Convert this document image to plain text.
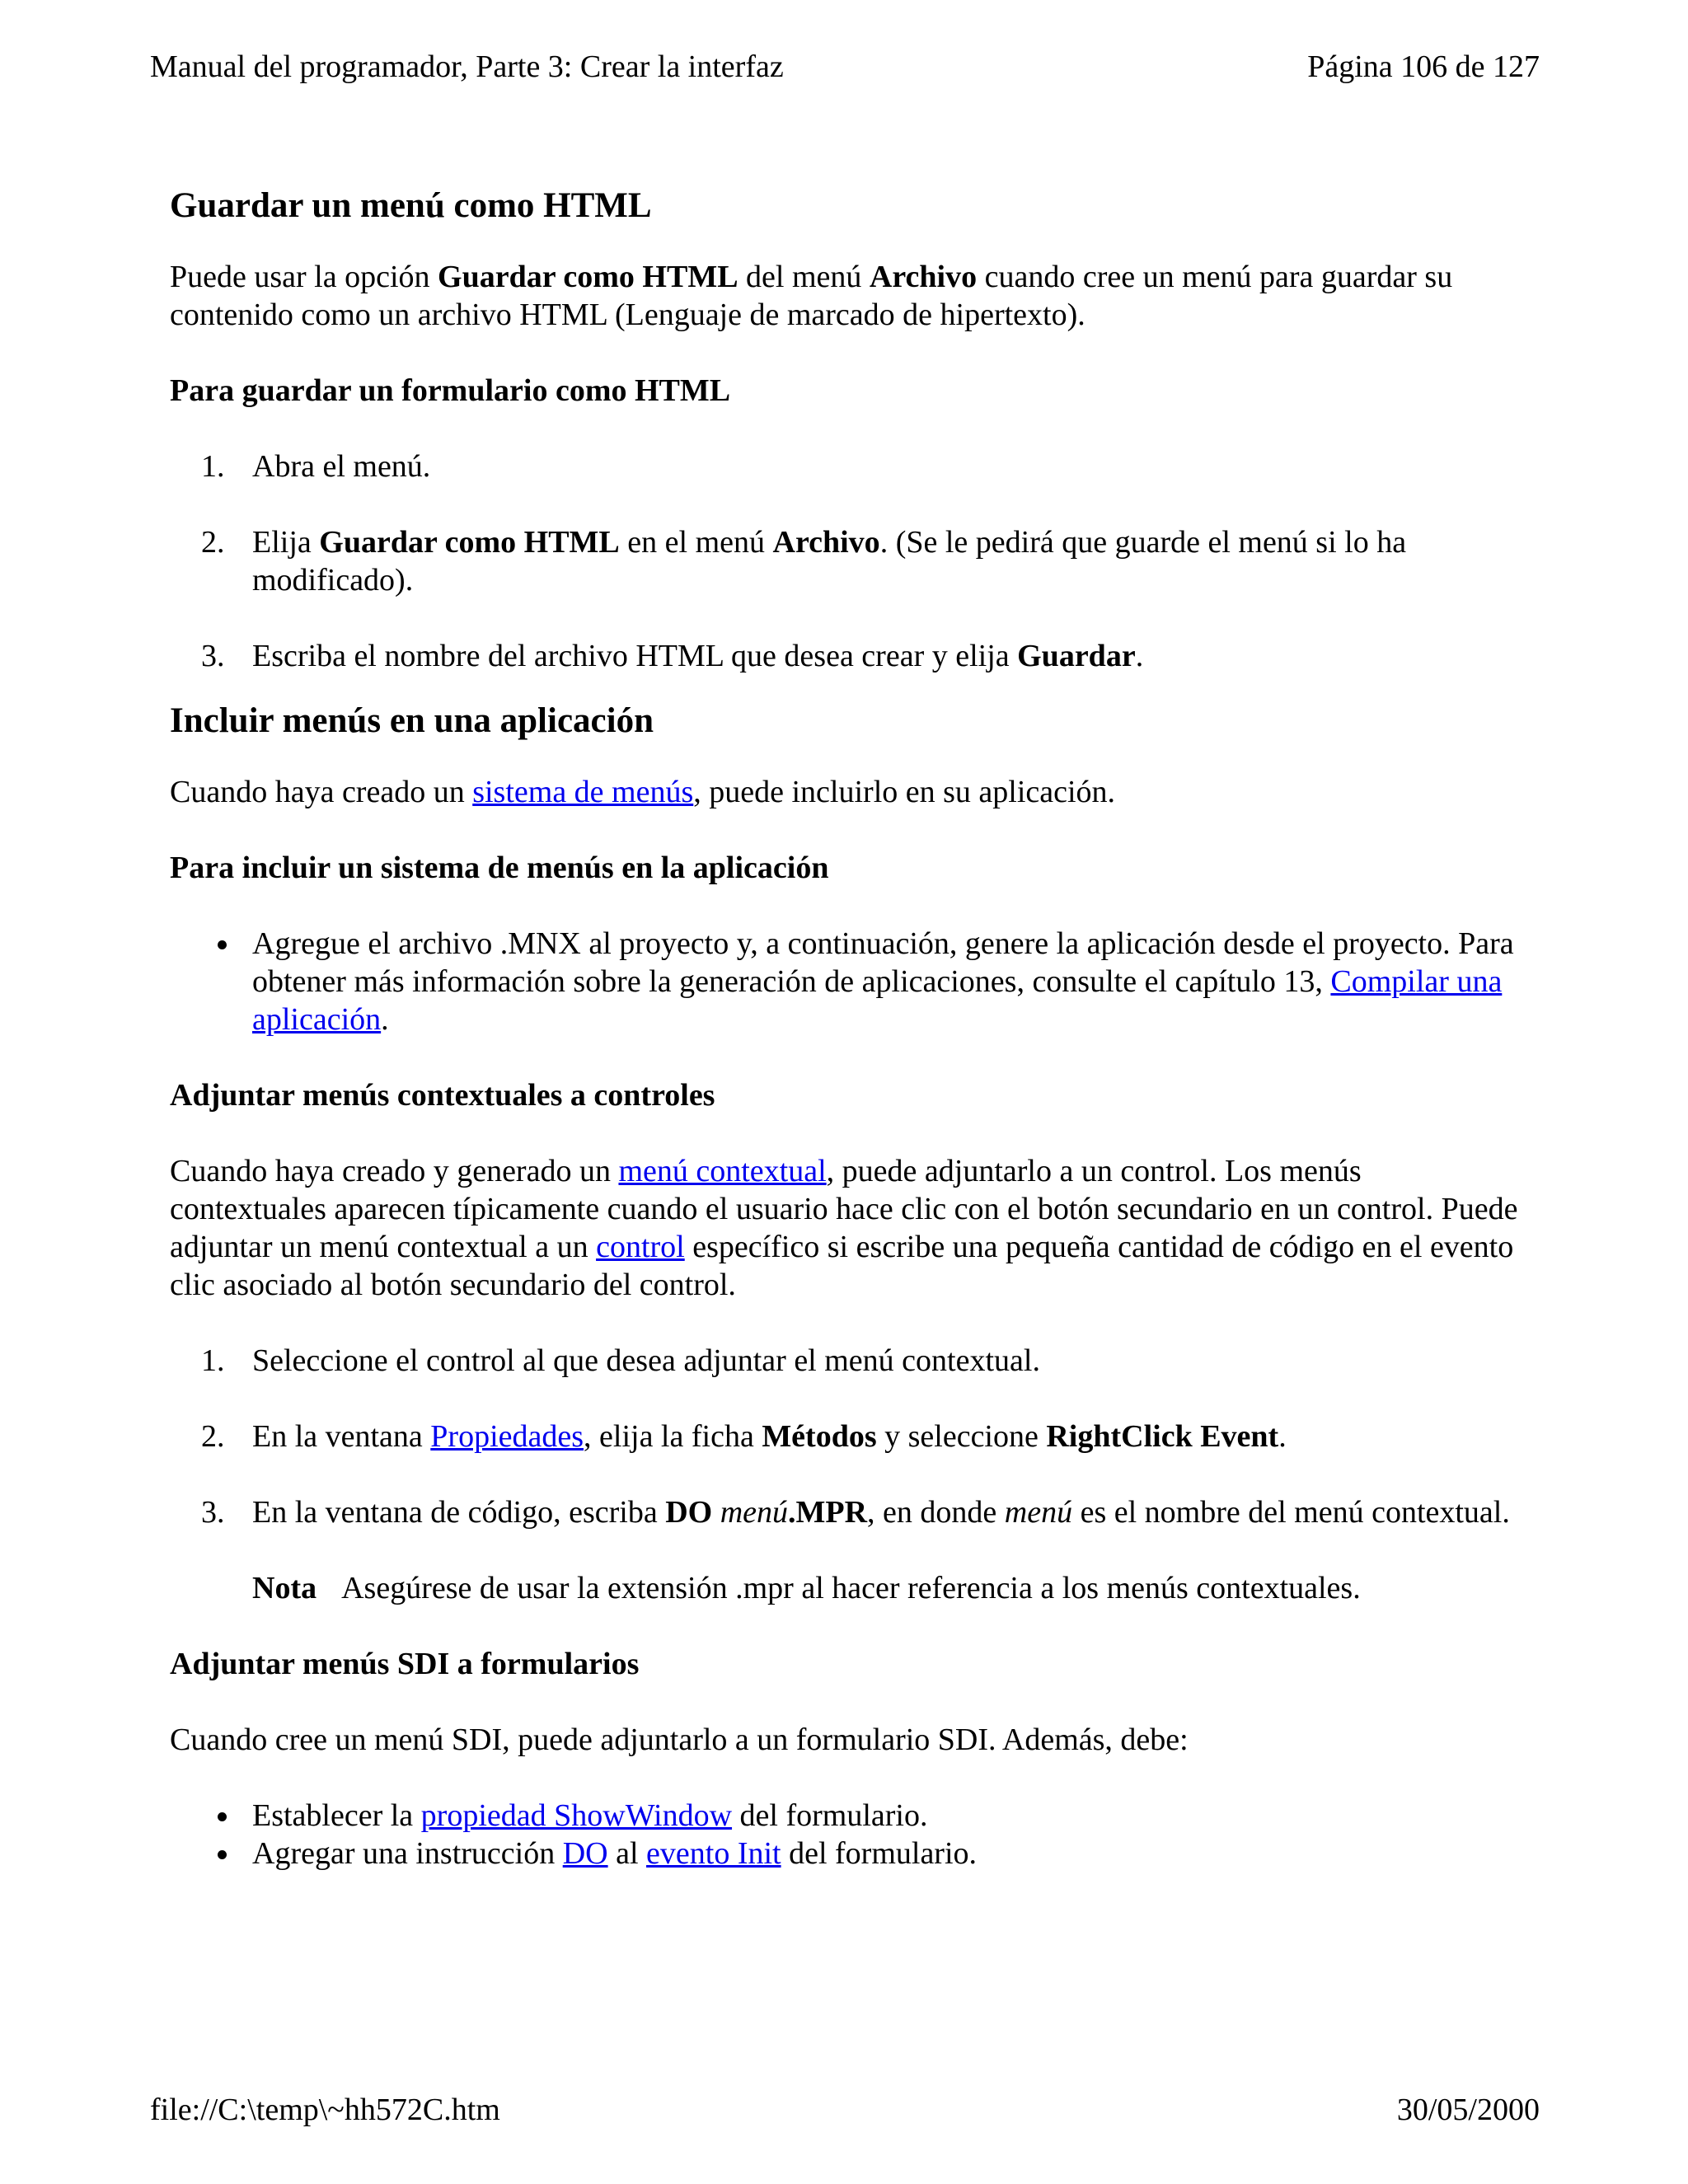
Manual del programador, Parte 3: Crear la interfaz	Página 106 de 127
Guardar un menú como HTML

Puede usar la opción Guardar como HTML del menú Archivo cuando cree un menú para guardar su contenido como un archivo HTML (Lenguaje de marcado de hipertexto).

Para guardar un formulario como HTML
1. Abra el menú.
2. Elija Guardar como HTML en el menú Archivo. (Se le pedirá que guarde el menú si lo ha modificado).
3. Escriba el nombre del archivo HTML que desea crear y elija Guardar.
Incluir menús en una aplicación

Cuando haya creado un sistema de menús, puede incluirlo en su aplicación.

Para incluir un sistema de menús en la aplicación
Agregue el archivo .MNX al proyecto y, a continuación, genere la aplicación desde el proyecto. Para obtener más información sobre la generación de aplicaciones, consulte el capítulo 13, Compilar una aplicación.
Adjuntar menús contextuales a controles

Cuando haya creado y generado un menú contextual, puede adjuntarlo a un control. Los menús contextuales aparecen típicamente cuando el usuario hace clic con el botón secundario en un control. Puede adjuntar un menú contextual a un control específico si escribe una pequeña cantidad de código en el evento clic asociado al botón secundario del control.

1. Seleccione el control al que desea adjuntar el menú contextual.
2. En la ventana Propiedades, elija la ficha Métodos y seleccione RightClick Event.
3. En la ventana de código, escriba DO menú.MPR, en donde menú es el nombre del menú contextual.
Nota Asegúrese de usar la extensión .mpr al hacer referencia a los menús contextuales.
Adjuntar menús SDI a formularios

Cuando cree un menú SDI, puede adjuntarlo a un formulario SDI. Además, debe:

Establecer la propiedad ShowWindow del formulario.
Agregar una instrucción DO al evento Init del formulario.
file://C:\temp\~hh572C.htm	30/05/2000
